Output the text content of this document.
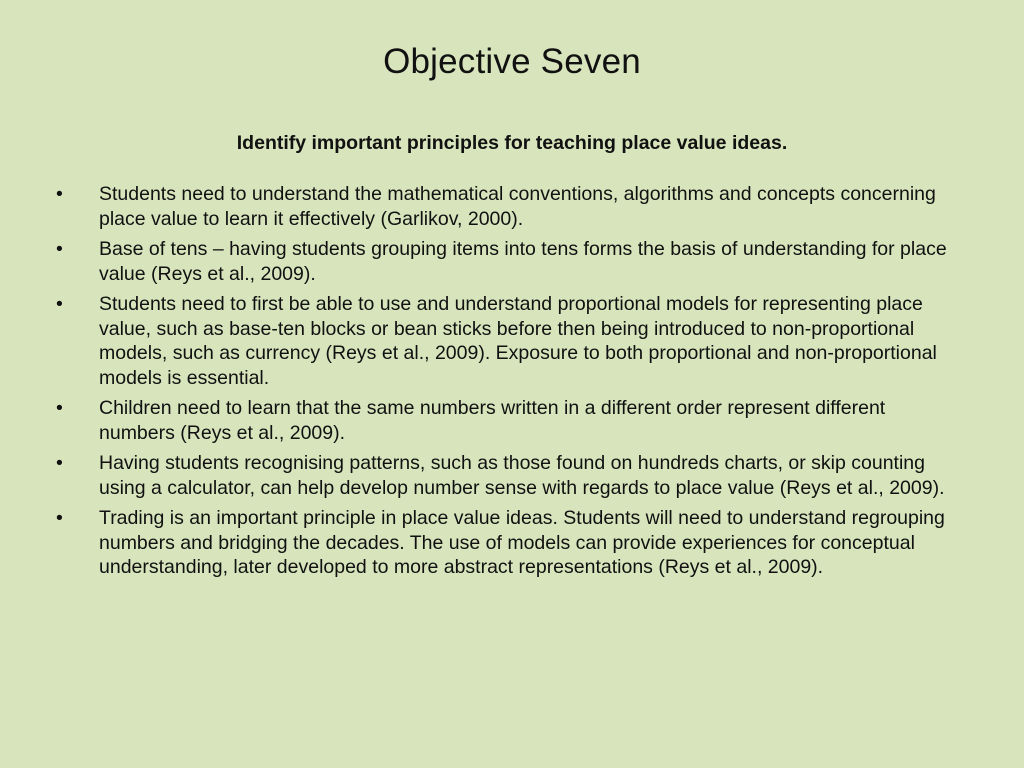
Objective Seven
Identify important principles for teaching place value ideas.
•	Students need to understand the mathematical conventions, algorithms and concepts concerning place value to learn it effectively (Garlikov, 2000).
•	Base of tens – having students grouping items into tens forms the basis of understanding for place value (Reys et al., 2009).
•	Students need to first be able to use and understand proportional models for representing place value, such as base-ten blocks or bean sticks before then being introduced to non-proportional models, such as currency (Reys et al., 2009). Exposure to both proportional and non-proportional models is essential.
•	Children need to learn that the same numbers written in a different order represent different numbers (Reys et al., 2009).
•	Having students recognising patterns, such as those found on hundreds charts, or skip counting using a calculator, can help develop number sense with regards to place value (Reys et al., 2009).
•	Trading is an important principle in place value ideas. Students will need to understand regrouping numbers and bridging the decades. The use of models can provide experiences for conceptual understanding, later developed to more abstract representations (Reys et al., 2009).
